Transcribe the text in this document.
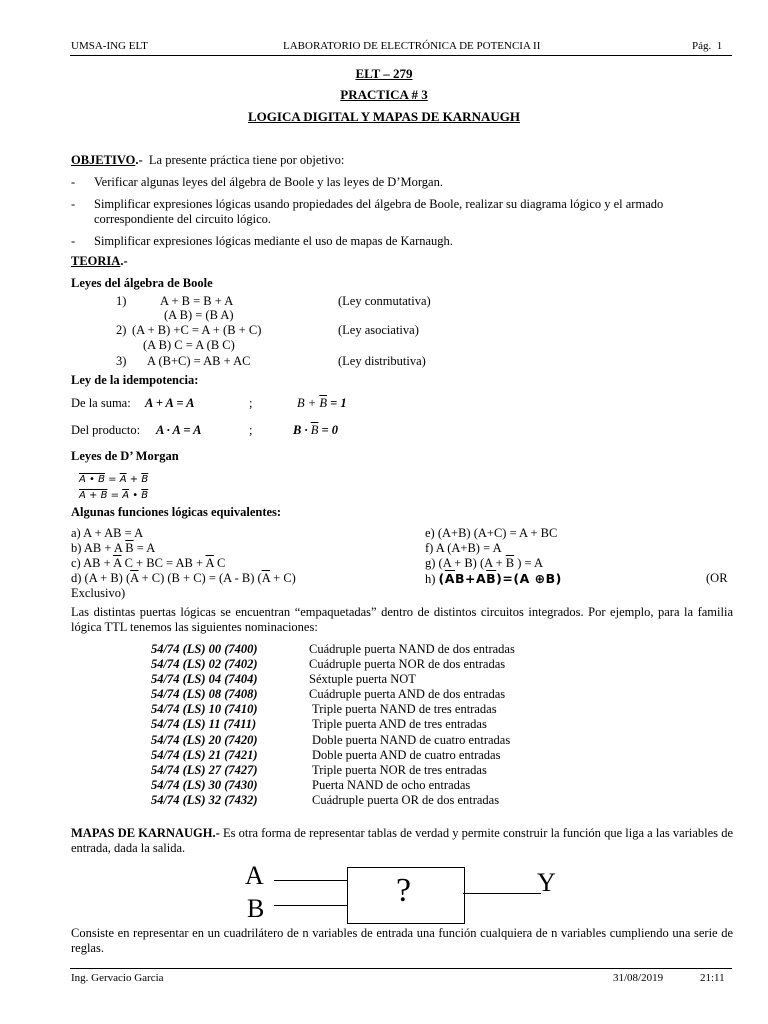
UMSA-ING ELT	LABORATORIO DE ELECTRÓNICA DE POTENCIA II	Pág. 1
ELT – 279
PRACTICA # 3
LOGICA DIGITAL Y MAPAS DE KARNAUGH
OBJETIVO.- La presente práctica tiene por objetivo:
- Verificar algunas leyes del álgebra de Boole y las leyes de D’Morgan.
- Simplificar expresiones lógicas usando propiedades del álgebra de Boole, realizar su diagrama lógico y el armado correspondiente del circuito lógico.
- Simplificar expresiones lógicas mediante el uso de mapas de Karnaugh.
TEORIA.-
Leyes del álgebra de Boole
1)	A + B = B + A	(Ley conmutativa)
(A B) = (B A)
2) (A + B) +C = A + (B + C)	(Ley asociativa)
(A B) C = A (B C)
3) A (B+C) = AB + AC	(Ley distributiva)
Ley de la idempotencia:
De la suma: A + A = A	;	$B + \overline{B} = 1$
Del producto: A · A = A	;	$B \cdot \overline{B} = 0$
Leyes de D’ Morgan
A • $B = \overline{A} + \overline{B}$
$A + B = \overline{A}$ • $\overline{B}$
Algunas funciones lógicas equivalentes:
a) A + AB = A
b) AB + A $\overline{B} = A$
c) AB + $\overline{A}$ C + BC = AB + $\overline{A}$ C
d) (A + B) $(\overline{A} + C) (B + C) = (A - B) (\overline{A} + C)$
Exclusivo)
e) (A+B) (A+C) = A + BC
f) A (A+B) = A
g) (A + B) ($A + \overline{B}$ ) = A
h) $(\overline{A}B+A\overline{B})=(A$ ⊕B)	(OR
Las distintas puertas lógicas se encuentran “empaquetadas” dentro de distintos circuitos integrados. Por ejemplo, para la familia lógica TTL tenemos las siguientes nominaciones:
54/74 (LS) 00 (7400)	Cuádruple puerta NAND de dos entradas
54/74 (LS) 02 (7402)	Cuádruple puerta NOR de dos entradas
54/74 (LS) 04 (7404)	Séxtuple puerta NOT
54/74 (LS) 08 (7408)	Cuádruple puerta AND de dos entradas
54/74 (LS) 10 (7410)	Triple puerta NAND de tres entradas
54/74 (LS) 11 (7411)	Triple puerta AND de tres entradas
54/74 (LS) 20 (7420)	Doble puerta NAND de cuatro entradas
54/74 (LS) 21 (7421)	Doble puerta AND de cuatro entradas
54/74 (LS) 27 (7427)	Triple puerta NOR de tres entradas
54/74 (LS) 30 (7430)	Puerta NAND de ocho entradas
54/74 (LS) 32 (7432)	Cuádruple puerta OR de dos entradas
MAPAS DE KARNAUGH.- Es otra forma de representar tablas de verdad y permite construir la función que liga a las variables de entrada, dada la salida.
A
B	?	Y
Consiste en representar en un cuadrilátero de n variables de entrada una función cualquiera de n variables cumpliendo una serie de reglas.
Ing. Gervacio Garcia	31/08/2019	21:11
